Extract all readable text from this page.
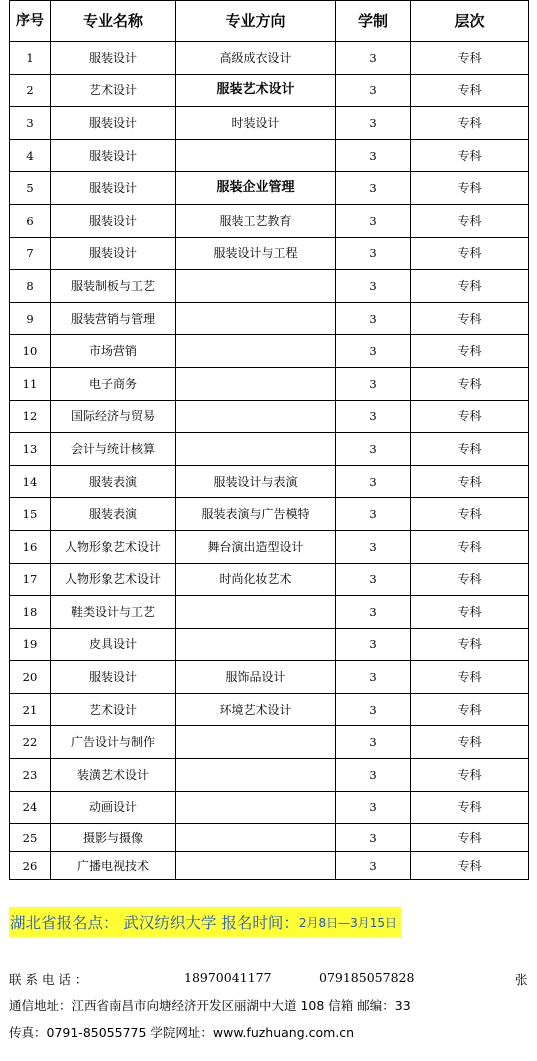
序号	专业名称	专业方向	学制	层次
1	服装设计	高级成衣设计	3	专科
2	艺术设计	服装艺术设计	3	专科
3	服装设计	时装设计	3	专科
4	服装设计		3	专科
5	服装设计	服装企业管理	3	专科
6	服装设计	服装工艺教育	3	专科
7	服装设计	服装设计与工程	3	专科
8	服装制板与工艺		3	专科
9	服装营销与管理		3	专科
10	市场营销		3	专科
11	电子商务		3	专科
12	国际经济与贸易		3	专科
13	会计与统计核算		3	专科
14	服装表演	服装设计与表演	3	专科
15	服装表演	服装表演与广告模特	3	专科
16	人物形象艺术设计	舞台演出造型设计	3	专科
17	人物形象艺术设计	时尚化妆艺术	3	专科
18	鞋类设计与工艺		3	专科
19	皮具设计		3	专科
20	服装设计	服饰品设计	3	专科
21	艺术设计	环境艺术设计	3	专科
22	广告设计与制作		3	专科
23	装潢艺术设计		3	专科
24	动画设计		3	专科
25	摄影与摄像		3	专科
26	广播电视技术		3	专科
湖北省报名点： 武汉纺织大学 报名时间： 2月8日—3月15日
联 系 电 话 ：	18970041177	079185057828	张
通信地址：江西省南昌市向塘经济开发区丽湖中大道 108 信箱 邮编：33
传真：0791-85055775 学院网址：www.fuzhuang.com.cn
